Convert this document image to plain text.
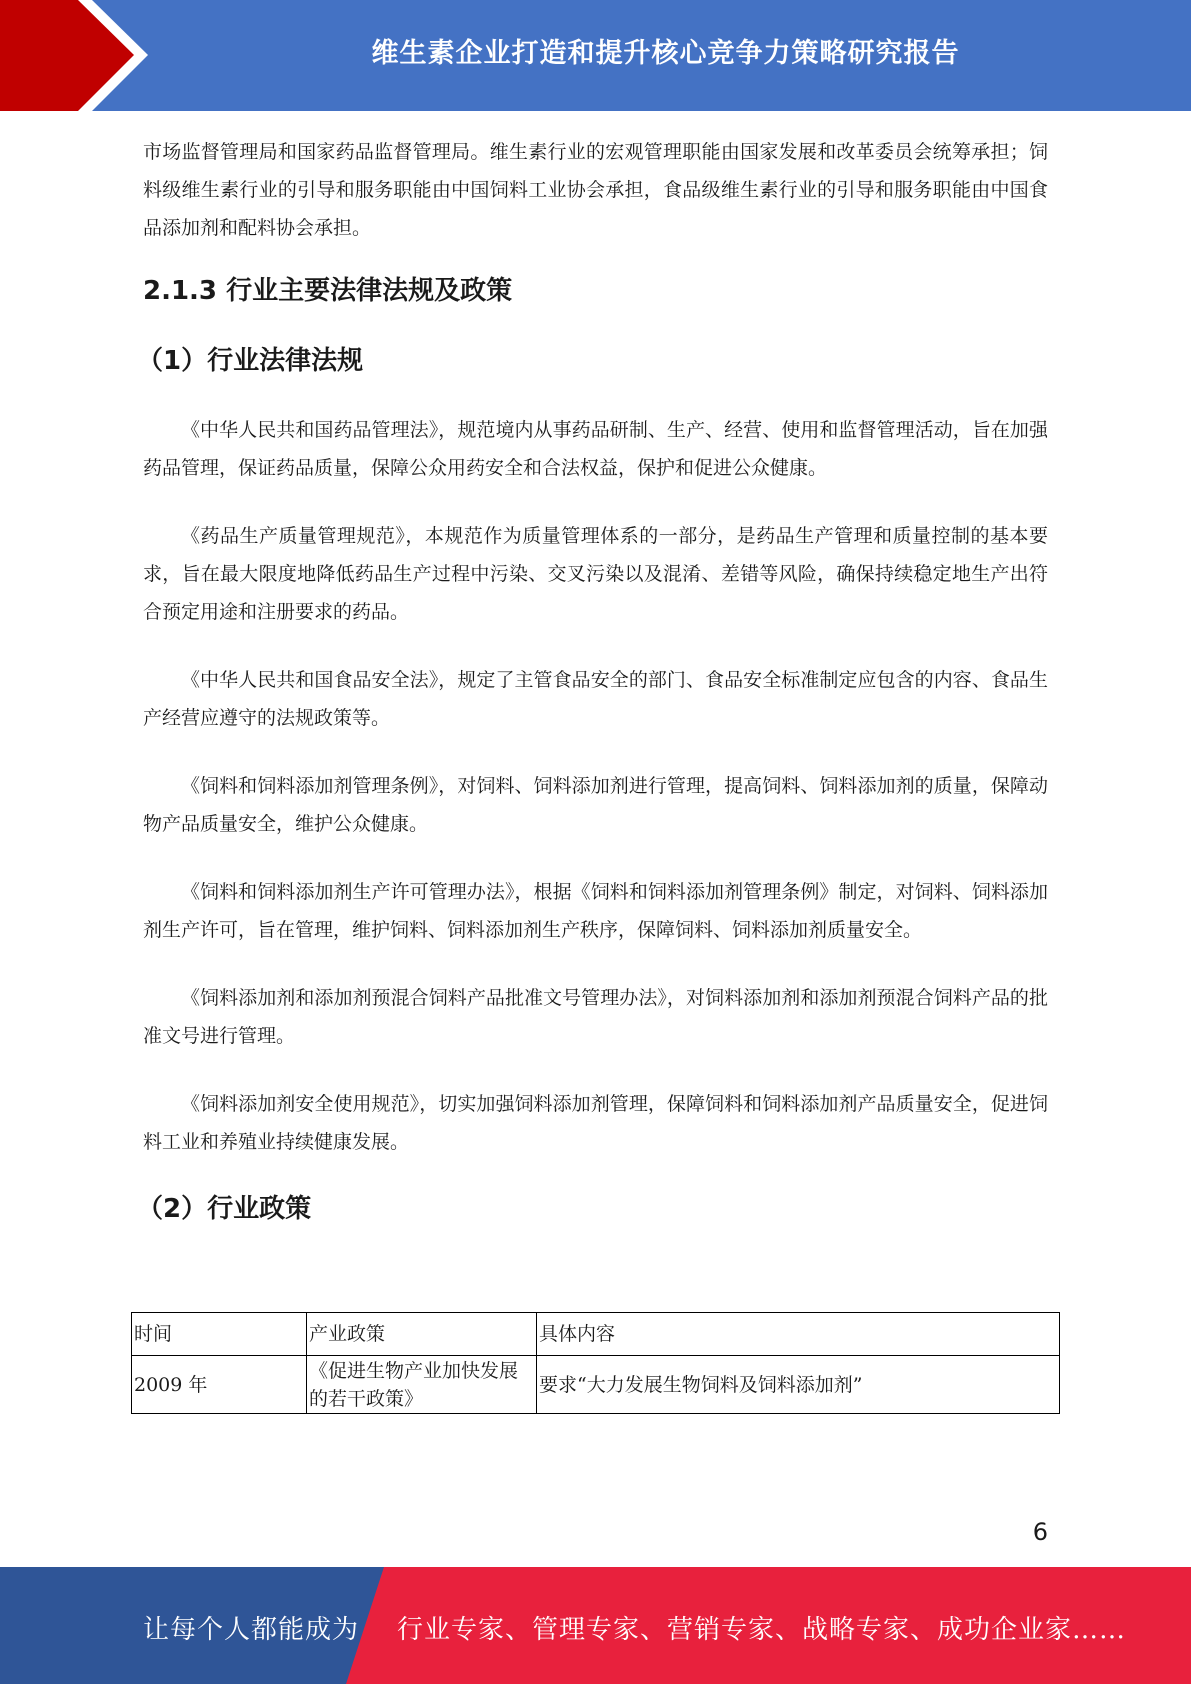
维生素企业打造和提升核心竞争力策略研究报告

市场监督管理局和国家药品监督管理局。维生素行业的宏观管理职能由国家发展和改革委员会统筹承担；饲料级维生素行业的引导和服务职能由中国饲料工业协会承担，食品级维生素行业的引导和服务职能由中国食品添加剂和配料协会承担。

2.1.3 行业主要法律法规及政策
（1）行业法律法规

《中华人民共和国药品管理法》，规范境内从事药品研制、生产、经营、使用和监督管理活动，旨在加强药品管理，保证药品质量，保障公众用药安全和合法权益，保护和促进公众健康。

《药品生产质量管理规范》，本规范作为质量管理体系的一部分，是药品生产管理和质量控制的基本要求，旨在最大限度地降低药品生产过程中污染、交叉污染以及混淆、差错等风险，确保持续稳定地生产出符合预定用途和注册要求的药品。

《中华人民共和国食品安全法》，规定了主管食品安全的部门、食品安全标准制定应包含的内容、食品生产经营应遵守的法规政策等。

《饲料和饲料添加剂管理条例》，对饲料、饲料添加剂进行管理，提高饲料、饲料添加剂的质量，保障动物产品质量安全，维护公众健康。

《饲料和饲料添加剂生产许可管理办法》，根据《饲料和饲料添加剂管理条例》制定，对饲料、饲料添加剂生产许可，旨在管理，维护饲料、饲料添加剂生产秩序，保障饲料、饲料添加剂质量安全。

《饲料添加剂和添加剂预混合饲料产品批准文号管理办法》，对饲料添加剂和添加剂预混合饲料产品的批准文号进行管理。

《饲料添加剂安全使用规范》，切实加强饲料添加剂管理，保障饲料和饲料添加剂产品质量安全，促进饲料工业和养殖业持续健康发展。

（2）行业政策
时间	产业政策	具体内容
2009 年	《促进生物产业加快发展的若干政策》	要求“大力发展生物饲料及饲料添加剂”
6
让每个人都能成为 行业专家、管理专家、营销专家、战略专家、成功企业家……
